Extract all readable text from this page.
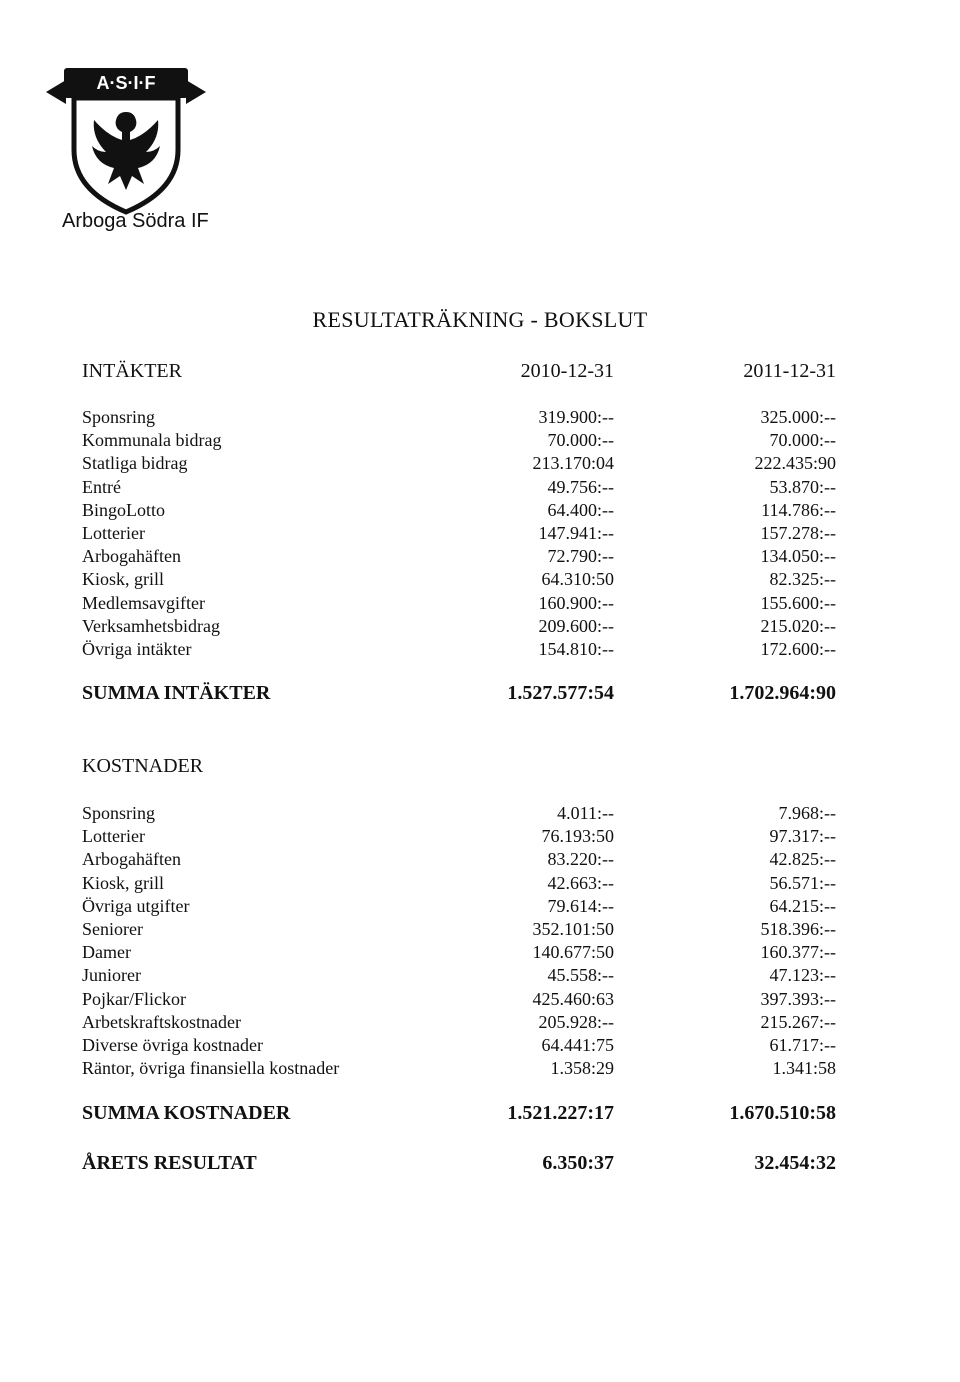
A·S·I·F
Arboga Södra IF
RESULTATRÄKNING - BOKSLUT
INTÄKTER	2010-12-31	2011-12-31
Sponsring	319.900:--	325.000:--
Kommunala bidrag	70.000:--	70.000:--
Statliga bidrag	213.170:04	222.435:90
Entré	49.756:--	53.870:--
BingoLotto	64.400:--	114.786:--
Lotterier	147.941:--	157.278:--
Arbogahäften	72.790:--	134.050:--
Kiosk, grill	64.310:50	82.325:--
Medlemsavgifter	160.900:--	155.600:--
Verksamhetsbidrag	209.600:--	215.020:--
Övriga intäkter	154.810:--	172.600:--
SUMMA INTÄKTER	1.527.577:54	1.702.964:90
KOSTNADER
Sponsring	4.011:--	7.968:--
Lotterier	76.193:50	97.317:--
Arbogahäften	83.220:--	42.825:--
Kiosk, grill	42.663:--	56.571:--
Övriga utgifter	79.614:--	64.215:--
Seniorer	352.101:50	518.396:--
Damer	140.677:50	160.377:--
Juniorer	45.558:--	47.123:--
Pojkar/Flickor	425.460:63	397.393:--
Arbetskraftskostnader	205.928:--	215.267:--
Diverse övriga kostnader	64.441:75	61.717:--
Räntor, övriga finansiella kostnader	1.358:29	1.341:58
SUMMA KOSTNADER	1.521.227:17	1.670.510:58
ÅRETS RESULTAT	6.350:37	32.454:32
